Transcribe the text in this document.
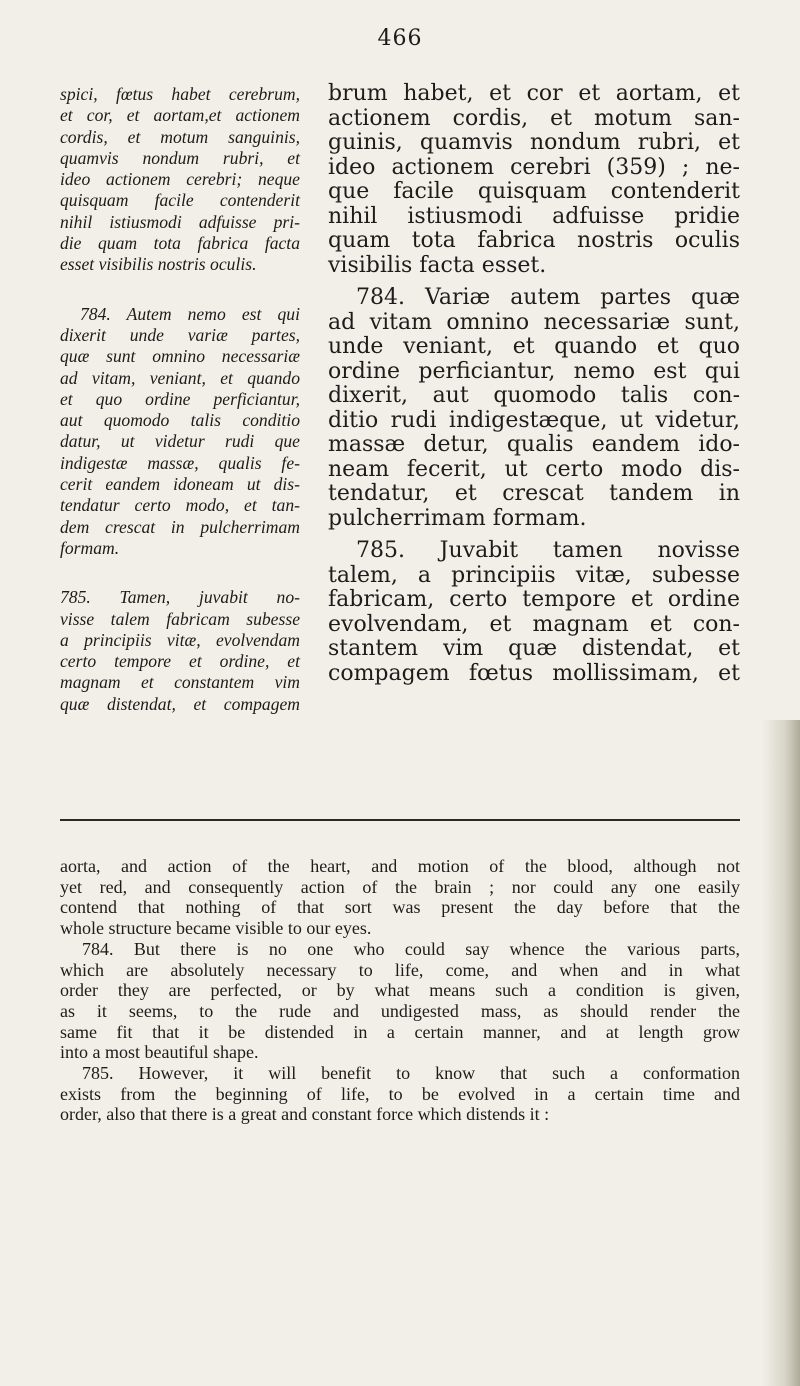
466
spici, fœtus habet cerebrum,
et cor, et aortam,et actionem
cordis, et motum sanguinis,
quamvis nondum rubri, et
ideo actionem cerebri; neque
quisquam facile contenderit
nihil istiusmodi adfuisse pri-
die quam tota fabrica facta
esset visibilis nostris oculis.
784. Autem nemo est qui
dixerit unde variæ partes,
quæ sunt omnino necessariæ
ad vitam, veniant, et quando
et quo ordine perficiantur,
aut quomodo talis conditio
datur, ut videtur rudi que
indigestæ massæ, qualis fe-
cerit eandem idoneam ut dis-
tendatur certo modo, et tan-
dem crescat in pulcherrimam
formam.
785. Tamen, juvabit no-
visse talem fabricam subesse
a principiis vitæ, evolvendam
certo tempore et ordine, et
magnam et constantem vim
quæ distendat, et compagem
brum habet, et cor et aortam, et
actionem cordis, et motum san-
guinis, quamvis nondum rubri, et
ideo actionem cerebri (359) ; ne-
que facile quisquam contenderit
nihil istiusmodi adfuisse pridie
quam tota fabrica nostris oculis
visibilis facta esset.
784. Variæ autem partes quæ
ad vitam omnino necessariæ sunt,
unde veniant, et quando et quo
ordine perficiantur, nemo est qui
dixerit, aut quomodo talis con-
ditio rudi indigestæque, ut videtur,
massæ detur, qualis eandem ido-
neam fecerit, ut certo modo dis-
tendatur, et crescat tandem in
pulcherrimam formam.
785. Juvabit tamen novisse
talem, a principiis vitæ, subesse
fabricam, certo tempore et ordine
evolvendam, et magnam et con-
stantem vim quæ distendat, et
compagem fœtus mollissimam, et
aorta, and action of the heart, and motion of the blood, although not
yet red, and consequently action of the brain ; nor could any one easily
contend that nothing of that sort was present the day before that the
whole structure became visible to our eyes.
784. But there is no one who could say whence the various parts,
which are absolutely necessary to life, come, and when and in what
order they are perfected, or by what means such a condition is given,
as it seems, to the rude and undigested mass, as should render the
same fit that it be distended in a certain manner, and at length grow
into a most beautiful shape.
785. However, it will benefit to know that such a conformation
exists from the beginning of life, to be evolved in a certain time and
order, also that there is a great and constant force which distends it :
